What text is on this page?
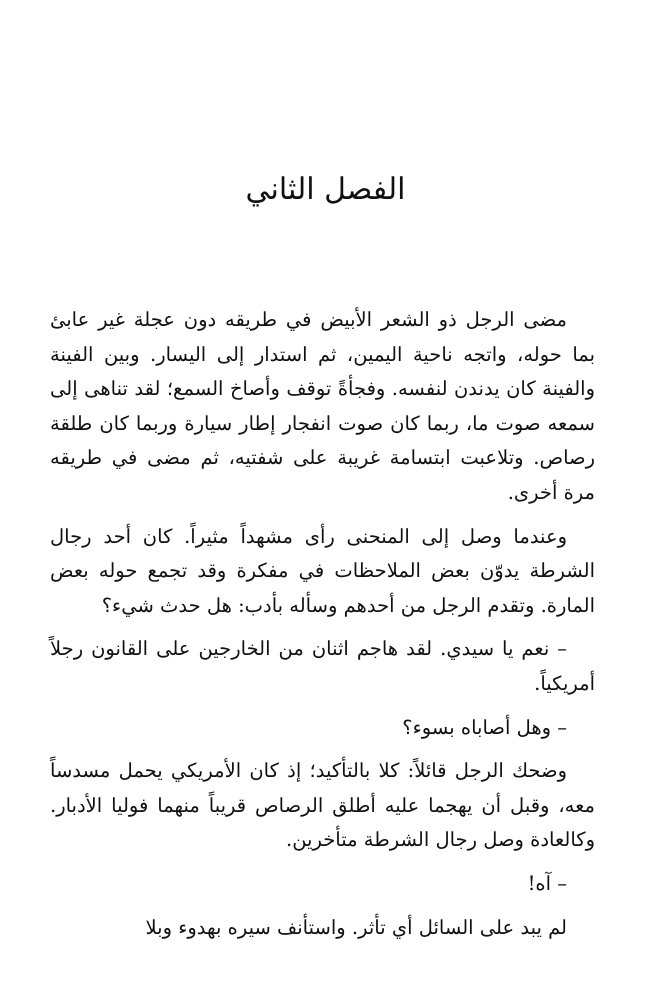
الفصل الثاني

مضى الرجل ذو الشعر الأبيض في طريقه دون عجلة غير عابئ بما حوله، واتجه ناحية اليمين، ثم استدار إلى اليسار. وبين الفينة والفينة كان يدندن لنفسه. وفجأةً توقف وأصاخ السمع؛ لقد تناهى إلى سمعه صوت ما، ربما كان صوت انفجار إطار سيارة وربما كان طلقة رصاص. وتلاعبت ابتسامة غريبة على شفتيه، ثم مضى في طريقه مرة أخرى.

وعندما وصل إلى المنحنى رأى مشهداً مثيراً. كان أحد رجال الشرطة يدوّن بعض الملاحظات في مفكرة وقد تجمع حوله بعض المارة. وتقدم الرجل من أحدهم وسأله بأدب: هل حدث شيء؟

– نعم يا سيدي. لقد هاجم اثنان من الخارجين على القانون رجلاً أمريكياً.

– وهل أصاباه بسوء؟

وضحك الرجل قائلاً: كلا بالتأكيد؛ إذ كان الأمريكي يحمل مسدساً معه، وقبل أن يهجما عليه أطلق الرصاص قريباً منهما فوليا الأدبار. وكالعادة وصل رجال الشرطة متأخرين.

– آه!

لم يبد على السائل أي تأثر. واستأنف سيره بهدوء وبلا
